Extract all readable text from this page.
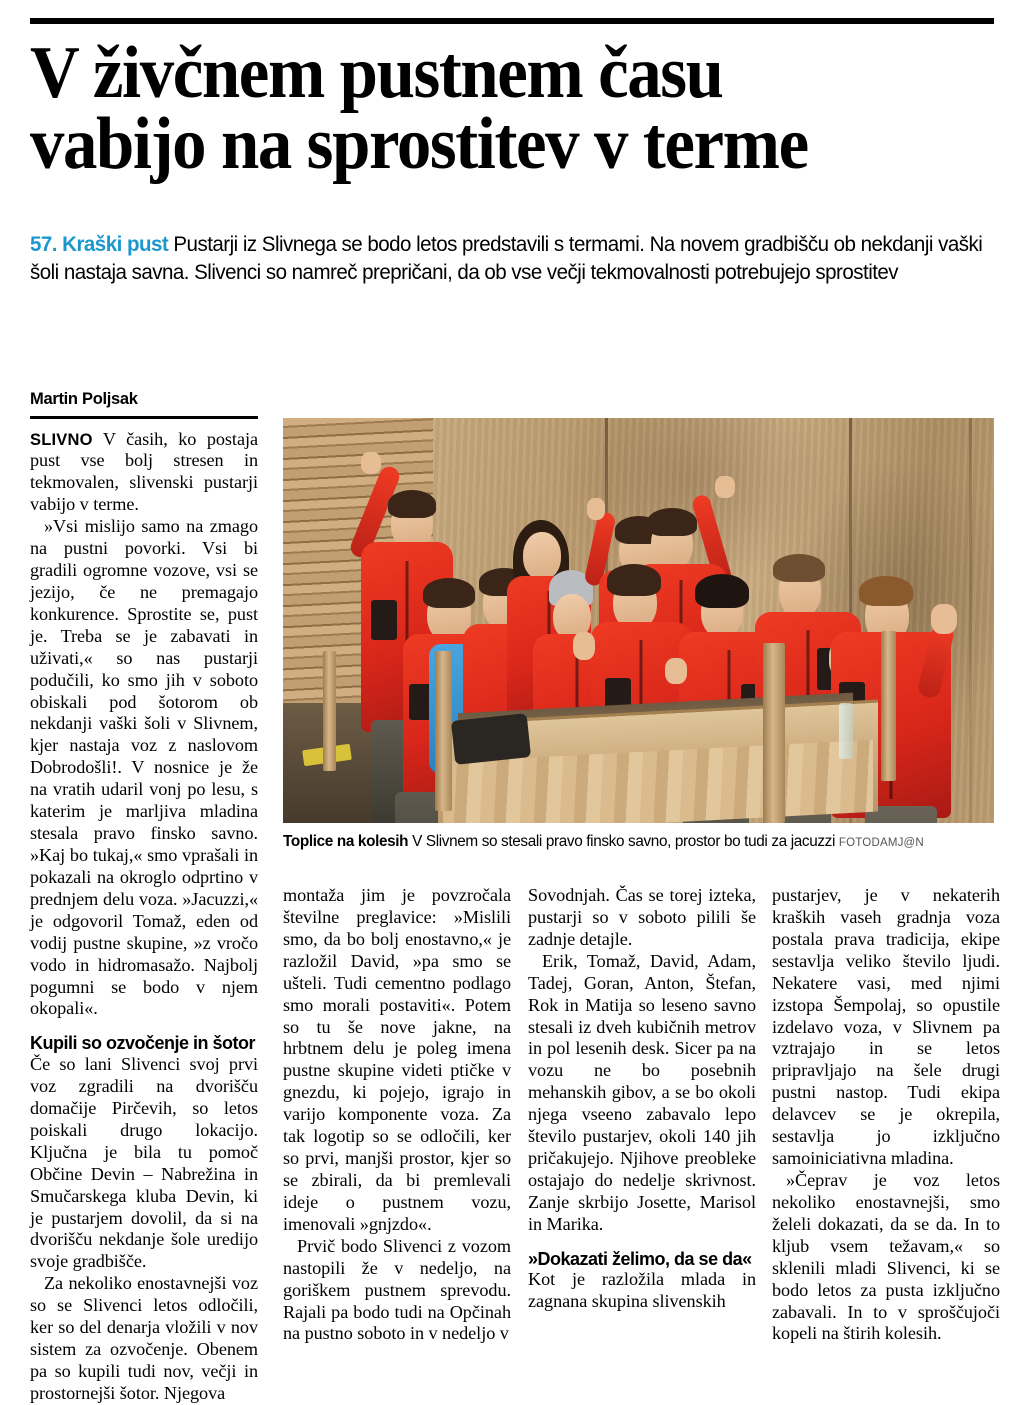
V živčnem pustnem času
vabijo na sprostitev v terme
57. Kraški pust Pustarji iz Slivnega se bodo letos predstavili s termami. Na novem gradbišču ob nekdanji vaški šoli nastaja savna. Slivenci so namreč prepričani, da ob vse večji tekmovalnosti potrebujejo sprostitev
Toplice na kolesih V Slivnem so stesali pravo finsko savno, prostor bo tudi za jacuzzi FOTODAMJ@N
Martin Poljsak

SLIVNO V časih, ko postaja pust vse bolj stresen in tekmovalen, slivenski pustarji vabijo v terme.

»Vsi mislijo samo na zmago na pustni povorki. Vsi bi gradili ogromne vozove, vsi se jezijo, če ne premagajo konkurence. Sprostite se, pust je. Treba se je zabavati in uživati,« so nas pustarji podučili, ko smo jih v soboto obiskali pod šotorom ob nekdanji vaški šoli v Slivnem, kjer nastaja voz z naslovom Dobrodošli!. V nosnice je že na vratih udaril vonj po lesu, s katerim je marljiva mladina stesala pravo finsko savno. »Kaj bo tukaj,« smo vprašali in pokazali na okroglo odprtino v prednjem delu voza. »Jacuzzi,« je odgovoril Tomaž, eden od vodij pustne skupine, »z vročo vodo in hidromasažo. Najbolj pogumni se bodo v njem okopali«.

Kupili so ozvočenje in šotor

Če so lani Slivenci svoj prvi voz zgradili na dvorišču domačije Pirčevih, so letos poiskali drugo lokacijo. Ključna je bila tu pomoč Občine Devin – Nabrežina in Smučarskega kluba Devin, ki je pustarjem dovolil, da si na dvorišču nekdanje šole uredijo svoje gradbišče.

Za nekoliko enostavnejši voz so se Slivenci letos odločili, ker so del denarja vložili v nov sistem za ozvočenje. Obenem pa so kupili tudi nov, večji in prostornejši šotor. Njegova

montaža jim je povzročala številne preglavice: »Mislili smo, da bo bolj enostavno,« je razložil David, »pa smo se ušteli. Tudi cementno podlago smo morali postaviti«. Potem so tu še nove jakne, na hrbtnem delu je poleg imena pustne skupine videti ptičke v gnezdu, ki pojejo, igrajo in varijo komponente voza. Za tak logotip so se odločili, ker so prvi, manjši prostor, kjer so se zbirali, da bi premlevali ideje o pustnem vozu, imenovali »gnjzdo«.

Prvič bodo Slivenci z vozom nastopili že v nedeljo, na goriškem pustnem sprevodu. Rajali pa bodo tudi na Opčinah na pustno soboto in v nedeljo v

Sovodnjah. Čas se torej izteka, pustarji so v soboto pilili še zadnje detajle.

Erik, Tomaž, David, Adam, Tadej, Goran, Anton, Štefan, Rok in Matija so leseno savno stesali iz dveh kubičnih metrov in pol lesenih desk. Sicer pa na vozu ne bo posebnih mehanskih gibov, a se bo okoli njega vseeno zabavalo lepo število pustarjev, okoli 140 jih pričakujejo. Njihove preobleke ostajajo do nedelje skrivnost. Zanje skrbijo Josette, Marisol in Marika.

»Dokazati želimo, da se da«

Kot je razložila mlada in zagnana skupina slivenskih

pustarjev, je v nekaterih kraških vaseh gradnja voza postala prava tradicija, ekipe sestavlja veliko število ljudi. Nekatere vasi, med njimi izstopa Šempolaj, so opustile izdelavo voza, v Slivnem pa vztrajajo in se letos pripravljajo na šele drugi pustni nastop. Tudi ekipa delavcev se je okrepila, sestavlja jo izključno samoiniciativna mladina.

»Čeprav je voz letos nekoliko enostavnejši, smo želeli dokazati, da se da. In to kljub vsem težavam,« so sklenili mladi Slivenci, ki se bodo letos za pusta izključno zabavali. In to v sproščujoči kopeli na štirih kolesih.
